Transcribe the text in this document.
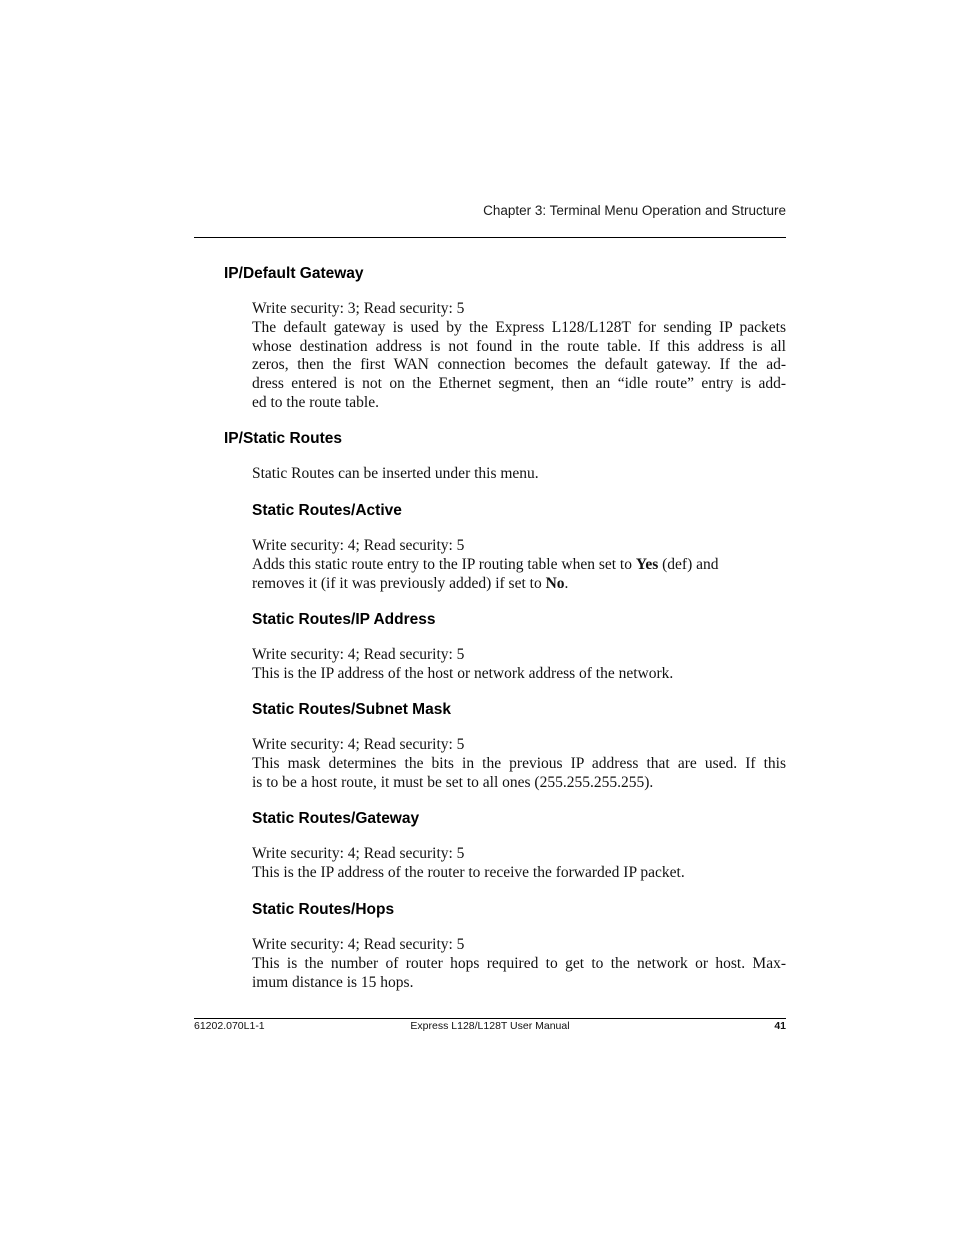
Chapter 3: Terminal Menu Operation and Structure
IP/Default Gateway
Write security: 3; Read security: 5
The default gateway is used by the Express L128/L128T for sending IP packets
whose destination address is not found in the route table. If this address is all
zeros, then the first WAN connection becomes the default gateway. If the ad-
dress entered is not on the Ethernet segment, then an “idle route” entry is add-
ed to the route table.
IP/Static Routes
Static Routes can be inserted under this menu.
Static Routes/Active
Write security: 4; Read security: 5
Adds this static route entry to the IP routing table when set to Yes (def) and
removes it (if it was previously added) if set to No.
Static Routes/IP Address
Write security: 4; Read security: 5
This is the IP address of the host or network address of the network.
Static Routes/Subnet Mask
Write security: 4; Read security: 5
This mask determines the bits in the previous IP address that are used. If this
is to be a host route, it must be set to all ones (255.255.255.255).
Static Routes/Gateway
Write security: 4; Read security: 5
This is the IP address of the router to receive the forwarded IP packet.
Static Routes/Hops
Write security: 4; Read security: 5
This is the number of router hops required to get to the network or host. Max-
imum distance is 15 hops.
61202.070L1-1	Express L128/L128T User Manual	41
